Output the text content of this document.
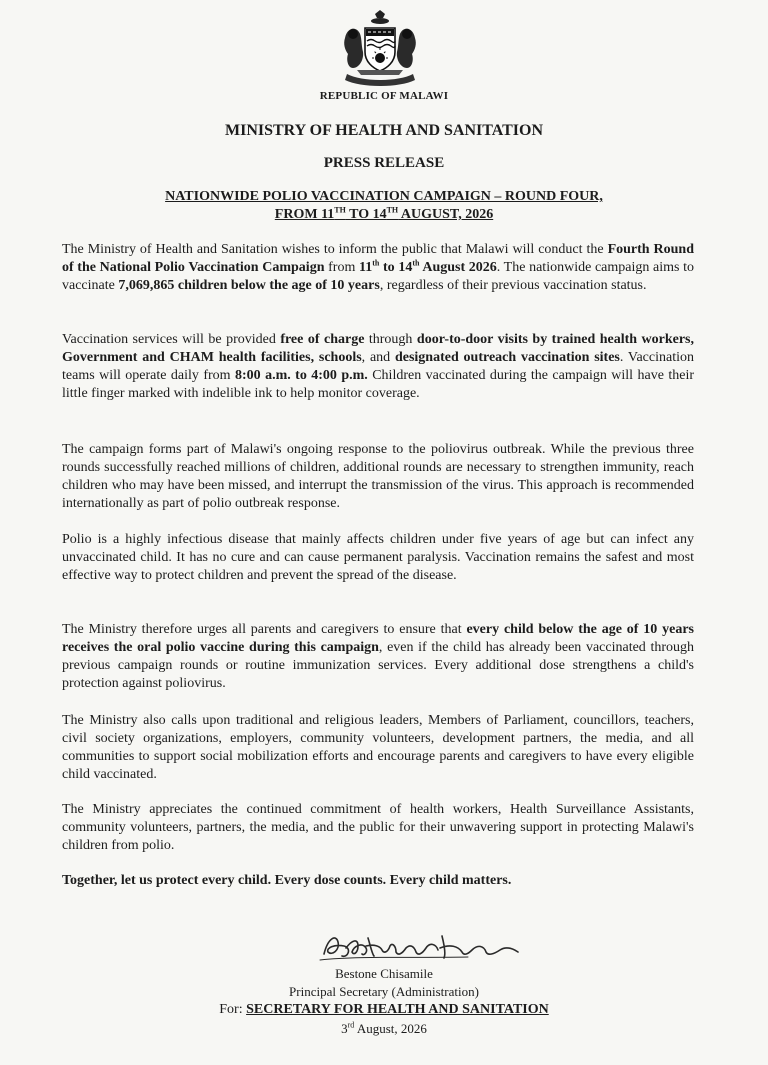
REPUBLIC OF MALAWI
MINISTRY OF HEALTH AND SANITATION
PRESS RELEASE
NATIONWIDE POLIO VACCINATION CAMPAIGN – ROUND FOUR,
FROM 11TH TO 14TH AUGUST, 2026

The Ministry of Health and Sanitation wishes to inform the public that Malawi will conduct the Fourth Round of the National Polio Vaccination Campaign from 11th to 14th August 2026. The nationwide campaign aims to vaccinate 7,069,865 children below the age of 10 years, regardless of their previous vaccination status.

Vaccination services will be provided free of charge through door-to-door visits by trained health workers, Government and CHAM health facilities, schools, and designated outreach vaccination sites. Vaccination teams will operate daily from 8:00 a.m. to 4:00 p.m. Children vaccinated during the campaign will have their little finger marked with indelible ink to help monitor coverage.

The campaign forms part of Malawi's ongoing response to the poliovirus outbreak. While the previous three rounds successfully reached millions of children, additional rounds are necessary to strengthen immunity, reach children who may have been missed, and interrupt the transmission of the virus. This approach is recommended internationally as part of polio outbreak response.

Polio is a highly infectious disease that mainly affects children under five years of age but can infect any unvaccinated child. It has no cure and can cause permanent paralysis. Vaccination remains the safest and most effective way to protect children and prevent the spread of the disease.

The Ministry therefore urges all parents and caregivers to ensure that every child below the age of 10 years receives the oral polio vaccine during this campaign, even if the child has already been vaccinated through previous campaign rounds or routine immunization services. Every additional dose strengthens a child's protection against poliovirus.

The Ministry also calls upon traditional and religious leaders, Members of Parliament, councillors, teachers, civil society organizations, employers, community volunteers, development partners, the media, and all communities to support social mobilization efforts and encourage parents and caregivers to have every eligible child vaccinated.

The Ministry appreciates the continued commitment of health workers, Health Surveillance Assistants, community volunteers, partners, the media, and the public for their unwavering support in protecting Malawi's children from polio.

Together, let us protect every child. Every dose counts. Every child matters.

Bestone Chisamile
Principal Secretary (Administration)
For: SECRETARY FOR HEALTH AND SANITATION
3rd August, 2026
